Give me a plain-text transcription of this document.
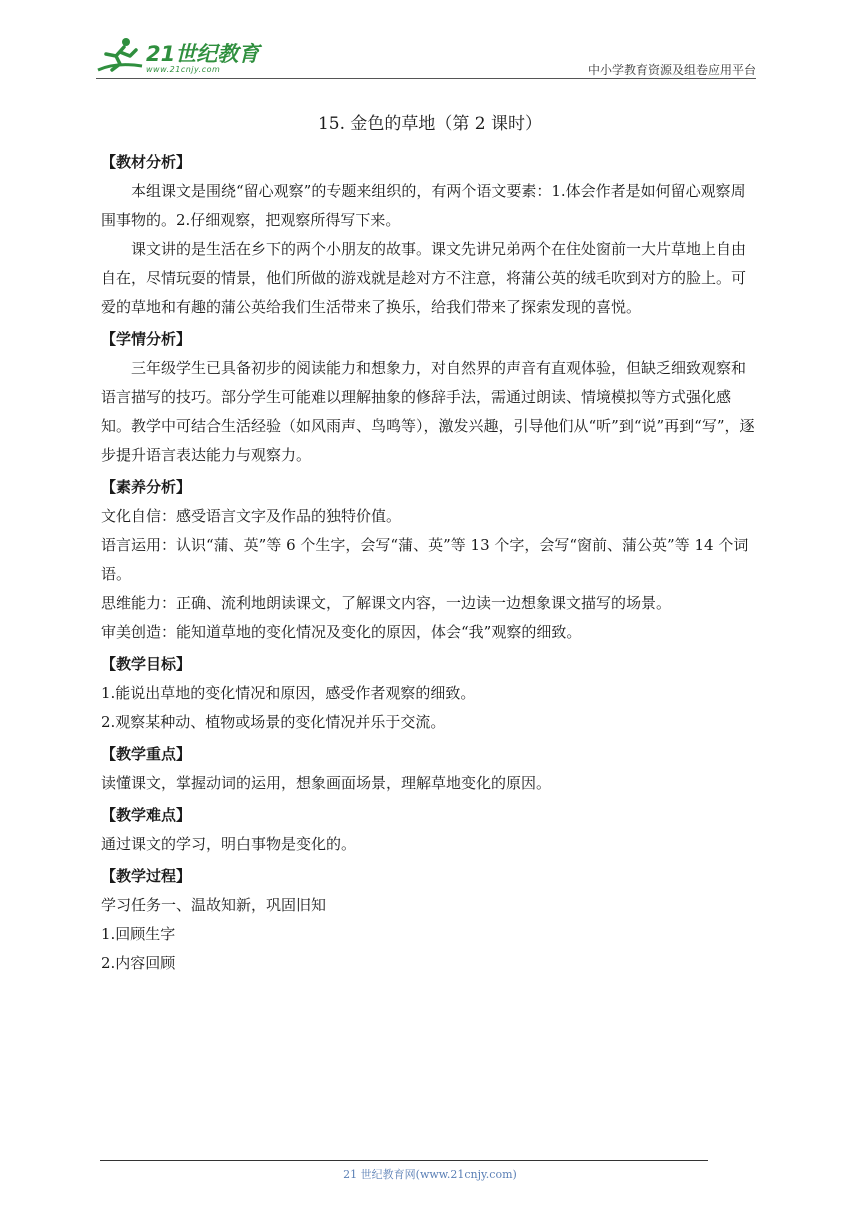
21世纪教育
www.21cnjy.com	中小学教育资源及组卷应用平台
15. 金色的草地（第 2 课时）

【教材分析】

本组课文是围绕“留心观察”的专题来组织的，有两个语文要素：1.体会作者是如何留心观察周围事物的。2.仔细观察，把观察所得写下来。

课文讲的是生活在乡下的两个小朋友的故事。课文先讲兄弟两个在住处窗前一大片草地上自由自在，尽情玩耍的情景，他们所做的游戏就是趁对方不注意，将蒲公英的绒毛吹到对方的脸上。可爱的草地和有趣的蒲公英给我们生活带来了换乐，给我们带来了探索发现的喜悦。

【学情分析】

三年级学生已具备初步的阅读能力和想象力，对自然界的声音有直观体验，但缺乏细致观察和语言描写的技巧。部分学生可能难以理解抽象的修辞手法，需通过朗读、情境模拟等方式强化感知。教学中可结合生活经验（如风雨声、鸟鸣等），激发兴趣，引导他们从“听”到“说”再到“写”，逐步提升语言表达能力与观察力。

【素养分析】

文化自信：感受语言文字及作品的独特价值。

语言运用：认识“蒲、英”等 6 个生字，会写“蒲、英”等 13 个字，会写“窗前、蒲公英”等 14 个词语。

思维能力：正确、流利地朗读课文，了解课文内容，一边读一边想象课文描写的场景。

审美创造：能知道草地的变化情况及变化的原因，体会“我”观察的细致。

【教学目标】

1.能说出草地的变化情况和原因，感受作者观察的细致。

2.观察某种动、植物或场景的变化情况并乐于交流。

【教学重点】

读懂课文，掌握动词的运用，想象画面场景，理解草地变化的原因。

【教学难点】

通过课文的学习，明白事物是变化的。

【教学过程】

学习任务一、温故知新，巩固旧知

1.回顾生字

2.内容回顾

21 世纪教育网(www.21cnjy.com)
